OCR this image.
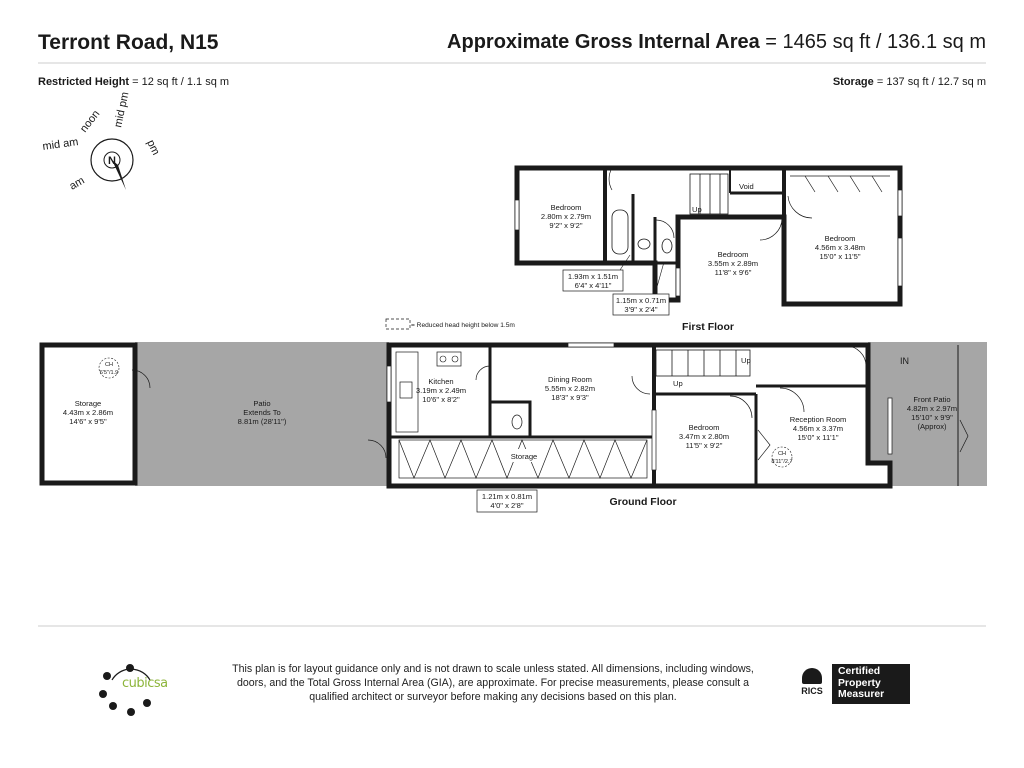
Terront Road, N15	Approximate Gross Internal Area = 1465 sq ft / 136.1 sq m
Restricted Height = 12 sq ft / 1.1 sq m	Storage = 137 sq ft / 12.7 sq m
N
noon mid pm
pm
mid am
am
Up
Void
Bedroom
2.80m x 2.79m
9'2" x 9'2"
Bedroom
3.55m x 2.89m
11'8" x 9'6"
Bedroom
4.56m x 3.48m
15'0" x 11'5"
1.93m x 1.51m
6'4" x 4'11"
1.15m x 0.71m
3'9" x 2'4"
= Reduced head height below 1.5m	First Floor
CH
6'5"/1.9
Storage
4.43m x 2.86m
14'6" x 9'5"
Patio
Extends To
8.81m (28'11")
Storage
Up
Up
IN
Kitchen
3.19m x 2.49m
10'6" x 8'2"
Dining Room
5.55m x 2.82m
18'3" x 9'3"
Bedroom
3.47m x 2.80m
11'5" x 9'2"
Reception Room
4.56m x 3.37m
15'0" x 11'1"
CH
8'11"/2.7
Front Patio
4.82m x 2.97m
15'10" x 9'9"
(Approx)
1.21m x 0.81m
4'0" x 2'8"	Ground Floor
cubicsa
This plan is for layout guidance only and is not drawn to scale unless stated. All dimensions, including windows, doors, and the Total Gross Internal Area (GIA), are approximate. For precise measurements, please consult a qualified architect or surveyor before making any decisions based on this plan.	RICS
Certified
Property
Measurer
